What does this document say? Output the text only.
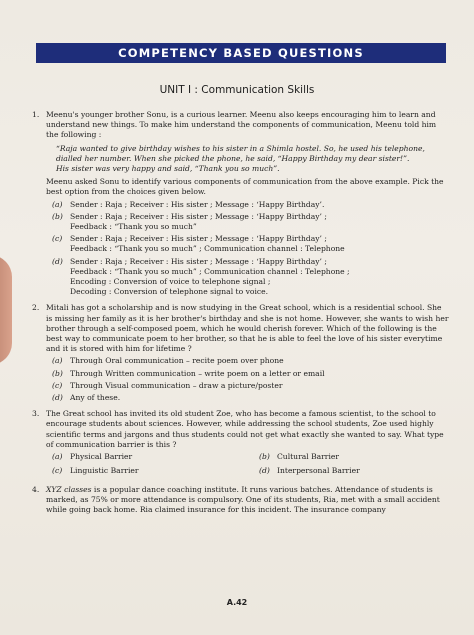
COMPETENCY BASED QUESTIONS
UNIT I : Communication Skills
1. Meenu's younger brother Sonu, is a curious learner. Meenu also keeps encouraging him to learn and understand new things. To make him understand the components of communication, Meenu told him the following :
“Raja wanted to give birthday wishes to his sister in a Shimla hostel. So, he used his telephone, dialled her number. When she picked the phone, he said, “Happy Birthday my dear sister!”.
His sister was very happy and said, “Thank you so much”.
Meenu asked Sonu to identify various components of communication from the above example. Pick the best option from the choices given below.
(a) Sender : Raja ; Receiver : His sister ; Message : ‘Happy Birthday’.
(b) Sender : Raja ; Receiver : His sister ; Message : ‘Happy Birthday’ ;
Feedback : “Thank you so much”
(c) Sender : Raja ; Receiver : His sister ; Message : ‘Happy Birthday’ ;
Feedback : “Thank you so much” ; Communication channel : Telephone
(d) Sender : Raja ; Receiver : His sister ; Message : ‘Happy Birthday’ ;
Feedback : “Thank you so much” ; Communication channel : Telephone ;
Encoding : Conversion of voice to telephone signal ;
Decoding : Conversion of telephone signal to voice.
2. Mitali has got a scholarship and is now studying in the Great school, which is a residential school. She is missing her family as it is her brother's birthday and she is not home. However, she wants to wish her brother through a self-composed poem, which he would cherish forever. Which of the following is the best way to communicate poem to her brother, so that he is able to feel the love of his sister everytime and it is stored with him for lifetime ?
(a) Through Oral communication – recite poem over phone
(b) Through Written communication – write poem on a letter or email
(c) Through Visual communication – draw a picture/poster
(d) Any of these.
3. The Great school has invited its old student Zoe, who has become a famous scientist, to the school to encourage students about sciences. However, while addressing the school students, Zoe used highly scientific terms and jargons and thus students could not get what exactly she wanted to say. What type of communication barrier is this ?
(a) Physical Barrier	(b) Cultural Barrier
(c) Linguistic Barrier	(d) Interpersonal Barrier
4. XYZ classes is a popular dance coaching institute. It runs various batches. Attendance of students is marked, as 75% or more attendance is compulsory. One of its students, Ria, met with a small accident while going back home. Ria claimed insurance for this incident. The insurance company
A.42
